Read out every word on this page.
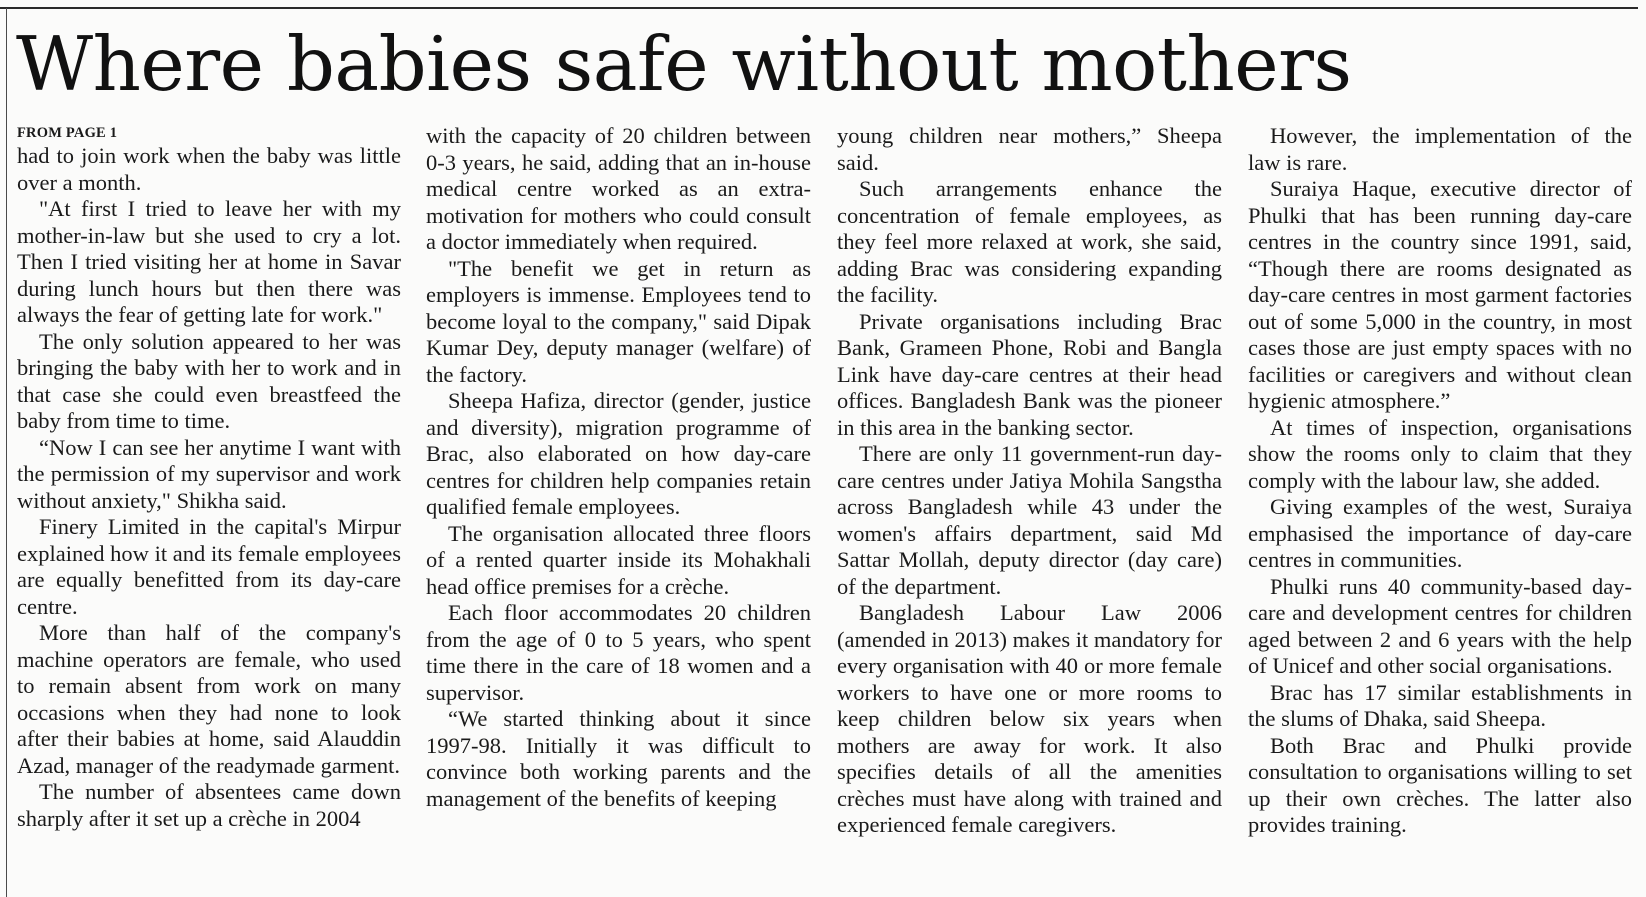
Where babies safe without mothers
FROM PAGE 1

had to join work when the baby was little over a month.

"At first I tried to leave her with my mother-in-law but she used to cry a lot. Then I tried visiting her at home in Savar during lunch hours but then there was always the fear of getting late for work."

The only solution appeared to her was bringing the baby with her to work and in that case she could even breastfeed the baby from time to time.

“Now I can see her anytime I want with the permission of my supervisor and work without anxiety," Shikha said.

Finery Limited in the capital's Mirpur explained how it and its female employees are equally benefitted from its day-care centre.

More than half of the company's machine operators are female, who used to remain absent from work on many occasions when they had none to look after their babies at home, said Alauddin Azad, manager of the readymade garment.

The number of absentees came down sharply after it set up a crèche in 2004

with the capacity of 20 children between 0-3 years, he said, adding that an in-house medical centre worked as an extra-motivation for mothers who could consult a doctor immediately when required.

"The benefit we get in return as employers is immense. Employees tend to become loyal to the company," said Dipak Kumar Dey, deputy manager (welfare) of the factory.

Sheepa Hafiza, director (gender, justice and diversity), migration programme of Brac, also elaborated on how day-care centres for children help companies retain qualified female employees.

The organisation allocated three floors of a rented quarter inside its Mohakhali head office premises for a crèche.

Each floor accommodates 20 children from the age of 0 to 5 years, who spent time there in the care of 18 women and a supervisor.

“We started thinking about it since 1997-98. Initially it was difficult to convince both working parents and the management of the benefits of keeping

young children near mothers,” Sheepa said.

Such arrangements enhance the concentration of female employees, as they feel more relaxed at work, she said, adding Brac was considering expanding the facility.

Private organisations including Brac Bank, Grameen Phone, Robi and Bangla Link have day-care centres at their head offices. Bangladesh Bank was the pioneer in this area in the banking sector.

There are only 11 government-run day-care centres under Jatiya Mohila Sangstha across Bangladesh while 43 under the women's affairs department, said Md Sattar Mollah, deputy director (day care) of the department.

Bangladesh Labour Law 2006 (amended in 2013) makes it mandatory for every organisation with 40 or more female workers to have one or more rooms to keep children below six years when mothers are away for work. It also specifies details of all the amenities crèches must have along with trained and experienced female caregivers.

However, the implementation of the law is rare.

Suraiya Haque, executive director of Phulki that has been running day-care centres in the country since 1991, said, “Though there are rooms designated as day-care centres in most garment factories out of some 5,000 in the country, in most cases those are just empty spaces with no facilities or caregivers and without clean hygienic atmosphere.”

At times of inspection, organisations show the rooms only to claim that they comply with the labour law, she added.

Giving examples of the west, Suraiya emphasised the importance of day-care centres in communities.

Phulki runs 40 community-based day-care and development centres for children aged between 2 and 6 years with the help of Unicef and other social organisations.

Brac has 17 similar establishments in the slums of Dhaka, said Sheepa.

Both Brac and Phulki provide consultation to organisations willing to set up their own crèches. The latter also provides training.
